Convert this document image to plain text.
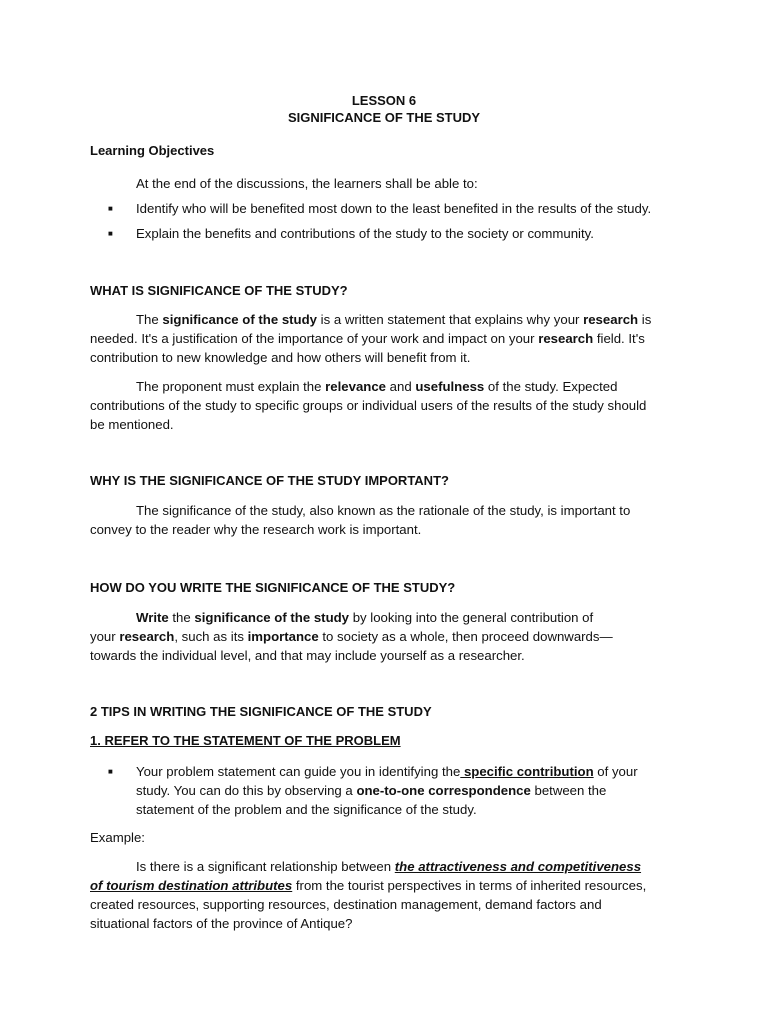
LESSON 6
SIGNIFICANCE OF THE STUDY
Learning Objectives
At the end of the discussions, the learners shall be able to:
■ Identify who will be benefited most down to the least benefited in the results of the study.
■ Explain the benefits and contributions of the study to the society or community.
WHAT IS SIGNIFICANCE OF THE STUDY?
The significance of the study is a written statement that explains why your research is
needed. It's a justification of the importance of your work and impact on your research field. It's
contribution to new knowledge and how others will benefit from it.
The proponent must explain the relevance and usefulness of the study. Expected
contributions of the study to specific groups or individual users of the results of the study should
be mentioned.
WHY IS THE SIGNIFICANCE OF THE STUDY IMPORTANT?
The significance of the study, also known as the rationale of the study, is important to
convey to the reader why the research work is important.
HOW DO YOU WRITE THE SIGNIFICANCE OF THE STUDY?
Write the significance of the study by looking into the general contribution of
your research, such as its importance to society as a whole, then proceed downwards—
towards the individual level, and that may include yourself as a researcher.
2 TIPS IN WRITING THE SIGNIFICANCE OF THE STUDY
1. REFER TO THE STATEMENT OF THE PROBLEM
■ Your problem statement can guide you in identifying the specific contribution of your
study. You can do this by observing a one-to-one correspondence between the
statement of the problem and the significance of the study.
Example:
Is there is a significant relationship between the attractiveness and competitiveness
of tourism destination attributes from the tourist perspectives in terms of inherited resources,
created resources, supporting resources, destination management, demand factors and
situational factors of the province of Antique?
